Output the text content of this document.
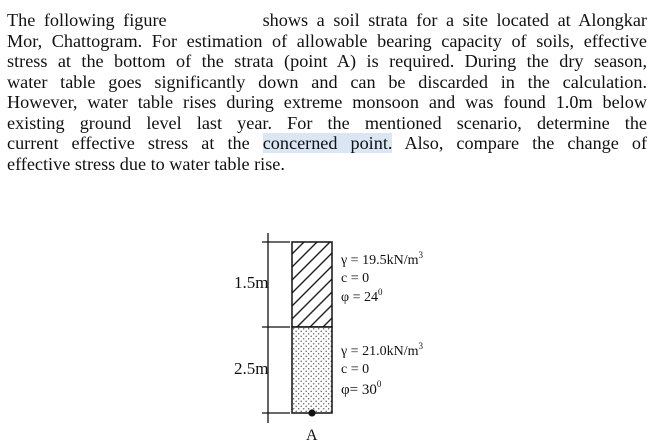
The following figure	shows a soil strata for a site located at Alongkar
Mor, Chattogram. For estimation of allowable bearing capacity of soils, effective
stress at the bottom of the strata (point A) is required. During the dry season,
water table goes significantly down and can be discarded in the calculation.
However, water table rises during extreme monsoon and was found 1.0m below
existing ground level last year. For the mentioned scenario, determine the
current effective stress at the concerned point. Also, compare the change of
effective stress due to water table rise.
1.5m
2.5m
$\gamma = 19.5kN/m^3$
c = 0
$\varphi = 24^0$
$\gamma = 21.0kN/m^3$
c = 0
$\varphi= 30^0$
A
